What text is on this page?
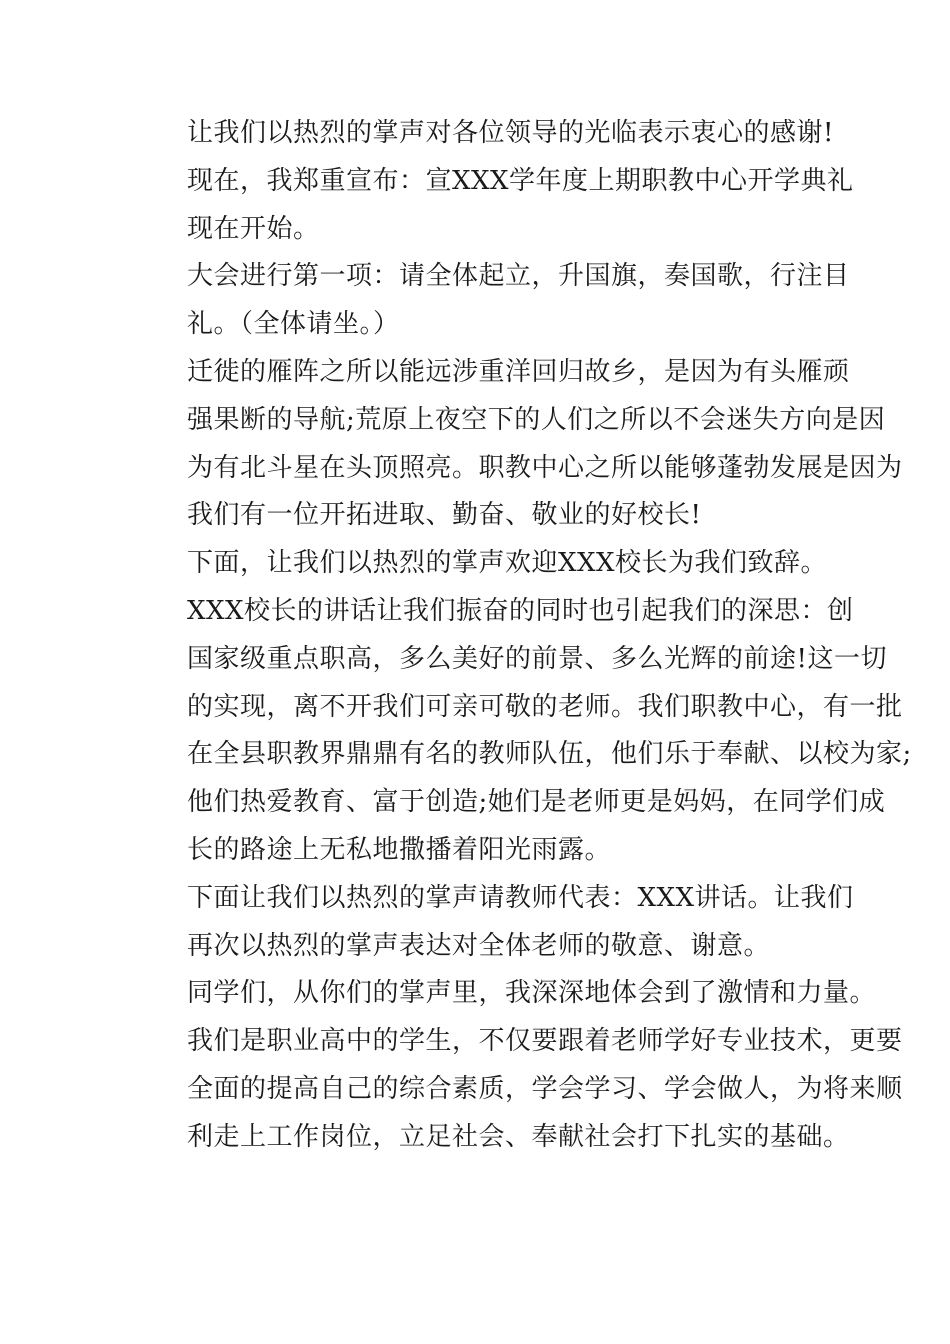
让我们以热烈的掌声对各位领导的光临表示衷心的感谢!

现在，我郑重宣布：宣XXX学年度上期职教中心开学典礼
现在开始。

大会进行第一项：请全体起立，升国旗，奏国歌，行注目
礼。（全体请坐。）

迁徙的雁阵之所以能远涉重洋回归故乡，是因为有头雁顽
强果断的导航;荒原上夜空下的人们之所以不会迷失方向是因
为有北斗星在头顶照亮。职教中心之所以能够蓬勃发展是因为
我们有一位开拓进取、勤奋、敬业的好校长!

下面，让我们以热烈的掌声欢迎XXX校长为我们致辞。

XXX校长的讲话让我们振奋的同时也引起我们的深思：创
国家级重点职高，多么美好的前景、多么光辉的前途!这一切
的实现，离不开我们可亲可敬的老师。我们职教中心，有一批
在全县职教界鼎鼎有名的教师队伍，他们乐于奉献、以校为家;
他们热爱教育、富于创造;她们是老师更是妈妈，在同学们成
长的路途上无私地撒播着阳光雨露。

下面让我们以热烈的掌声请教师代表：XXX讲话。让我们
再次以热烈的掌声表达对全体老师的敬意、谢意。

同学们，从你们的掌声里，我深深地体会到了激情和力量。
我们是职业高中的学生，不仅要跟着老师学好专业技术，更要
全面的提高自己的综合素质，学会学习、学会做人，为将来顺
利走上工作岗位，立足社会、奉献社会打下扎实的基础。
